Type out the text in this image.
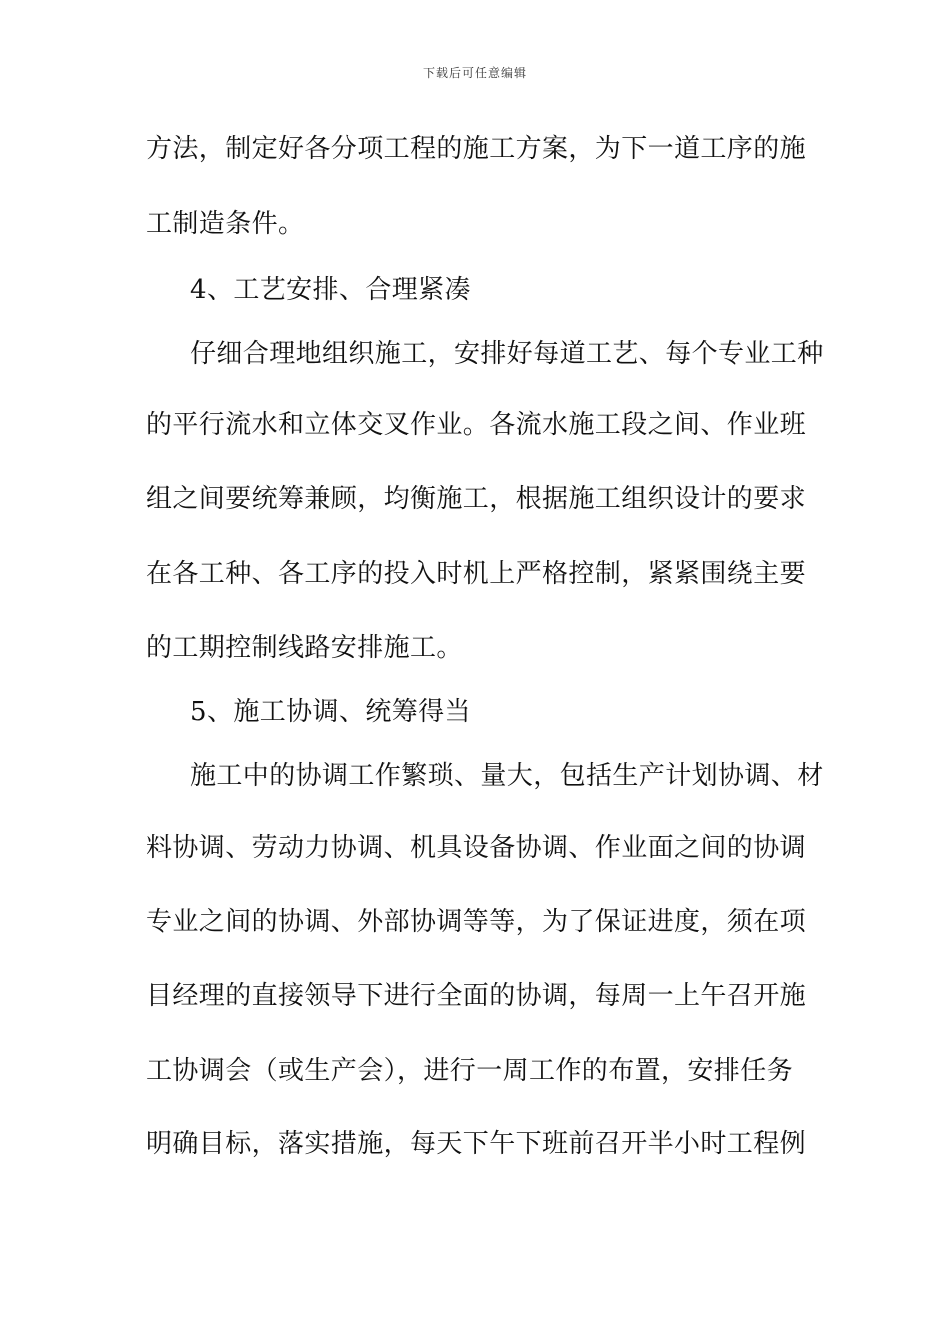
下载后可任意编辑
方法，制定好各分项工程的施工方案，为下一道工序的施
工制造条件。
4、工艺安排、合理紧凑
仔细合理地组织施工，安排好每道工艺、每个专业工种
的平行流水和立体交叉作业。各流水施工段之间、作业班
组之间要统筹兼顾，均衡施工，根据施工组织设计的要求
在各工种、各工序的投入时机上严格控制，紧紧围绕主要
的工期控制线路安排施工。
5、施工协调、统筹得当
施工中的协调工作繁琐、量大，包括生产计划协调、材
料协调、劳动力协调、机具设备协调、作业面之间的协调
专业之间的协调、外部协调等等，为了保证进度，须在项
目经理的直接领导下进行全面的协调，每周一上午召开施
工协调会（或生产会），进行一周工作的布置，安排任务
明确目标，落实措施，每天下午下班前召开半小时工程例
